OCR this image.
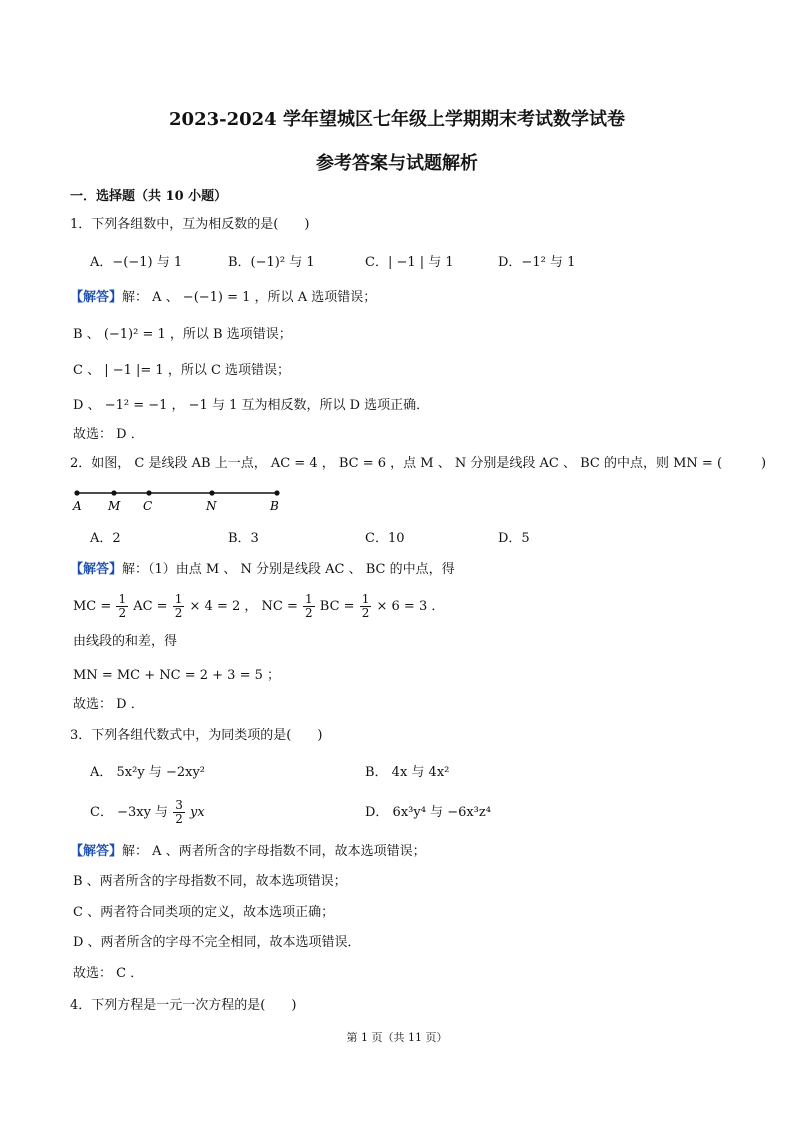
2023-2024 学年望城区七年级上学期期末考试数学试卷
参考答案与试题解析
一．选择题（共 10 小题）
1．下列各组数中，互为相反数的是(　　)
A．−(−1) 与 1	B．(−1)² 与 1	C．| −1 | 与 1	D．−1² 与 1
【解答】解： A 、 −(−1) = 1 ，所以 A 选项错误；
B 、 (−1)² = 1 ，所以 B 选项错误；
C 、 | −1 |= 1 ，所以 C 选项错误；
D 、 −1² = −1 ， −1 与 1 互为相反数，所以 D 选项正确．
故选： D ．
2．如图， C 是线段 AB 上一点， AC = 4 ， BC = 6 ，点 M 、 N 分别是线段 AC 、 BC 的中点，则 MN = (　　　)
A M C	N	B
A．2	B．3	C．10	D．5
【解答】解：（1）由点 M 、 N 分别是线段 AC 、 BC 的中点，得
MC = $\frac{1}{2}$ AC = $\frac{1}{2} \times 4 = 2$ ， NC = $\frac{1}{2}$ BC = $\frac{1}{2} \times 6 = 3$ ．
由线段的和差，得
MN = MC + NC = 2 + 3 = 5 ；
故选： D ．
3．下列各组代数式中，为同类项的是(　　)
A． 5x²y 与 −2xy²	B． 4x 与 4x²
C． −3xy 与 $\frac{3}{2}$ yx	D． 6x³y⁴ 与 −6x³z⁴
【解答】解： A 、两者所含的字母指数不同，故本选项错误；
B 、两者所含的字母指数不同，故本选项错误；
C 、两者符合同类项的定义，故本选项正确；
D 、两者所含的字母不完全相同，故本选项错误．
故选： C ．
4．下列方程是一元一次方程的是(　　)
第 1 页（共 11 页）
